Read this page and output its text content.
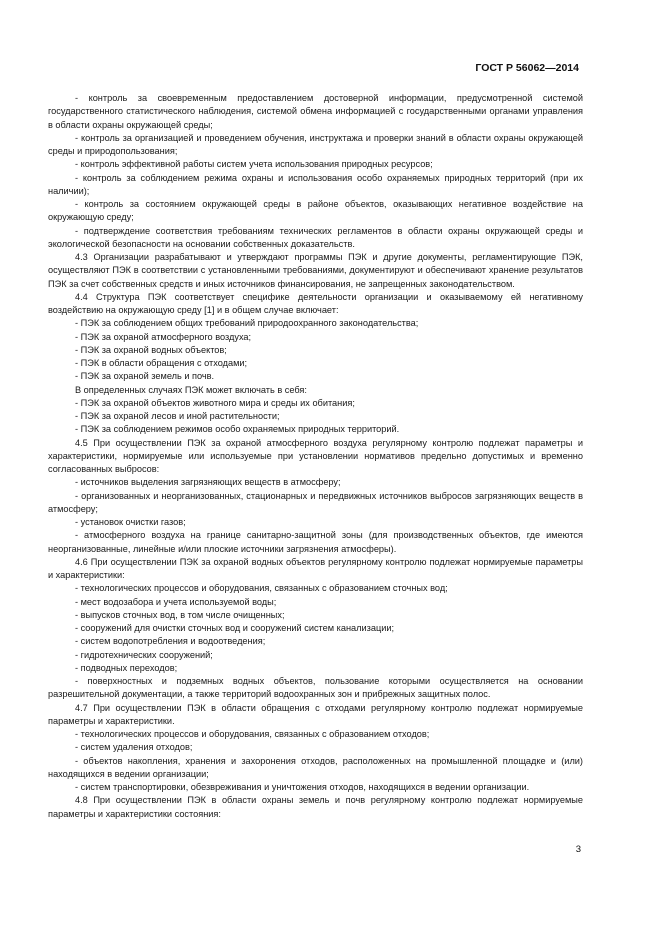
ГОСТ Р 56062—2014

- контроль за своевременным предоставлением достоверной информации, предусмотренной системой государственного статистического наблюдения, системой обмена информацией с государственными органами управления в области охраны окружающей среды;

- контроль за организацией и проведением обучения, инструктажа и проверки знаний в области охраны окружающей среды и природопользования;

- контроль эффективной работы систем учета использования природных ресурсов;

- контроль за соблюдением режима охраны и использования особо охраняемых природных территорий (при их наличии);

- контроль за состоянием окружающей среды в районе объектов, оказывающих негативное воздействие на окружающую среду;

- подтверждение соответствия требованиям технических регламентов в области охраны окружающей среды и экологической безопасности на основании собственных доказательств.

4.3 Организации разрабатывают и утверждают программы ПЭК и другие документы, регламентирующие ПЭК, осуществляют ПЭК в соответствии с установленными требованиями, документируют и обеспечивают хранение результатов ПЭК за счет собственных средств и иных источников финансирования, не запрещенных законодательством.

4.4 Структура ПЭК соответствует специфике деятельности организации и оказываемому ей негативному воздействию на окружающую среду [1] и в общем случае включает:

- ПЭК за соблюдением общих требований природоохранного законодательства;

- ПЭК за охраной атмосферного воздуха;

- ПЭК за охраной водных объектов;

- ПЭК в области обращения с отходами;

- ПЭК за охраной земель и почв.

В определенных случаях ПЭК может включать в себя:

- ПЭК за охраной объектов животного мира и среды их обитания;

- ПЭК за охраной лесов и иной растительности;

- ПЭК за соблюдением режимов особо охраняемых природных территорий.

4.5 При осуществлении ПЭК за охраной атмосферного воздуха регулярному контролю подлежат параметры и характеристики, нормируемые или используемые при установлении нормативов предельно допустимых и временно согласованных выбросов:

- источников выделения загрязняющих веществ в атмосферу;

- организованных и неорганизованных, стационарных и передвижных источников выбросов загрязняющих веществ в атмосферу;

- установок очистки газов;

- атмосферного воздуха на границе санитарно-защитной зоны (для производственных объектов, где имеются неорганизованные, линейные и/или плоские источники загрязнения атмосферы).

4.6 При осуществлении ПЭК за охраной водных объектов регулярному контролю подлежат нормируемые параметры и характеристики:

- технологических процессов и оборудования, связанных с образованием сточных вод;

- мест водозабора и учета используемой воды;

- выпусков сточных вод, в том числе очищенных;

- сооружений для очистки сточных вод и сооружений систем канализации;

- систем водопотребления и водоотведения;

- гидротехнических сооружений;

- подводных переходов;

- поверхностных и подземных водных объектов, пользование которыми осуществляется на основании разрешительной документации, а также территорий водоохранных зон и прибрежных защитных полос.

4.7 При осуществлении ПЭК в области обращения с отходами регулярному контролю подлежат нормируемые параметры и характеристики.

- технологических процессов и оборудования, связанных с образованием отходов;

- систем удаления отходов;

- объектов накопления, хранения и захоронения отходов, расположенных на промышленной площадке и (или) находящихся в ведении организации;

- систем транспортировки, обезвреживания и уничтожения отходов, находящихся в ведении организации.

4.8 При осуществлении ПЭК в области охраны земель и почв регулярному контролю подлежат нормируемые параметры и характеристики состояния:

3
